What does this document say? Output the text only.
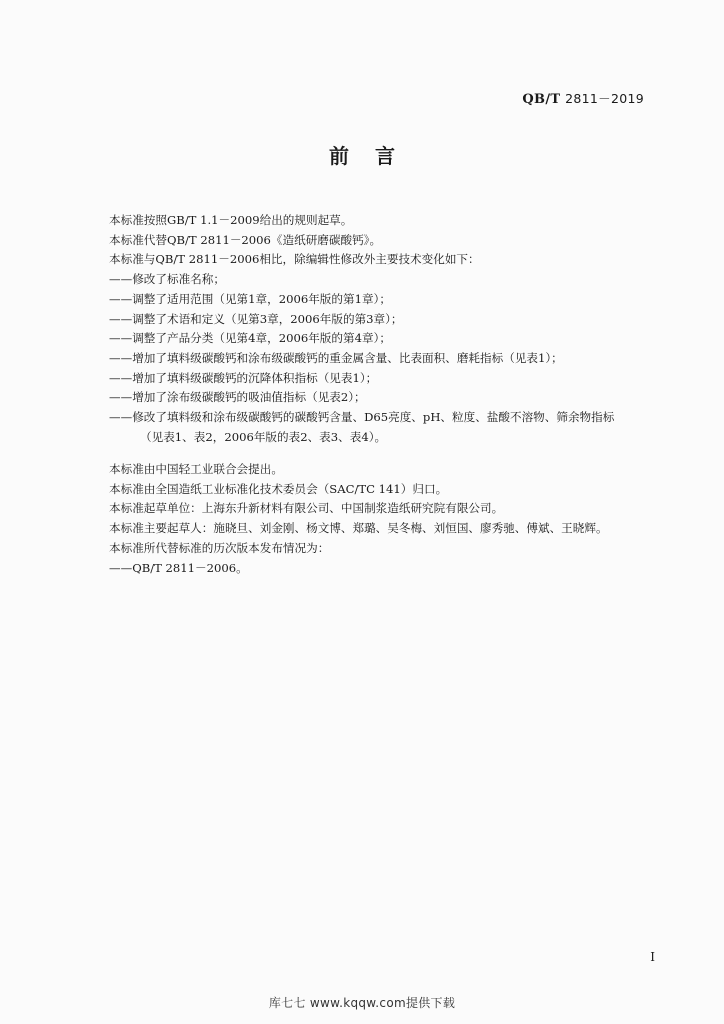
QB/T 2811－2019
前言
本标准按照GB/T 1.1－2009给出的规则起草。
本标准代替QB/T 2811－2006《造纸研磨碳酸钙》。
本标准与QB/T 2811－2006相比，除编辑性修改外主要技术变化如下：
——修改了标准名称；
——调整了适用范围（见第1章，2006年版的第1章）；
——调整了术语和定义（见第3章，2006年版的第3章）；
——调整了产品分类（见第4章，2006年版的第4章）；
——增加了填料级碳酸钙和涂布级碳酸钙的重金属含量、比表面积、磨耗指标（见表1）；
——增加了填料级碳酸钙的沉降体积指标（见表1）；
——增加了涂布级碳酸钙的吸油值指标（见表2）；
——修改了填料级和涂布级碳酸钙的碳酸钙含量、D65亮度、pH、粒度、盐酸不溶物、筛余物指标
（见表1、表2，2006年版的表2、表3、表4）。
本标准由中国轻工业联合会提出。
本标准由全国造纸工业标准化技术委员会（SAC/TC 141）归口。
本标准起草单位：上海东升新材料有限公司、中国制浆造纸研究院有限公司。
本标准主要起草人：施晓旦、刘金刚、杨文博、郑璐、吴冬梅、刘恒国、廖秀驰、傅斌、王晓辉。
本标准所代替标准的历次版本发布情况为：
——QB/T 2811－2006。
I
库七七 www.kqqw.com提供下载
